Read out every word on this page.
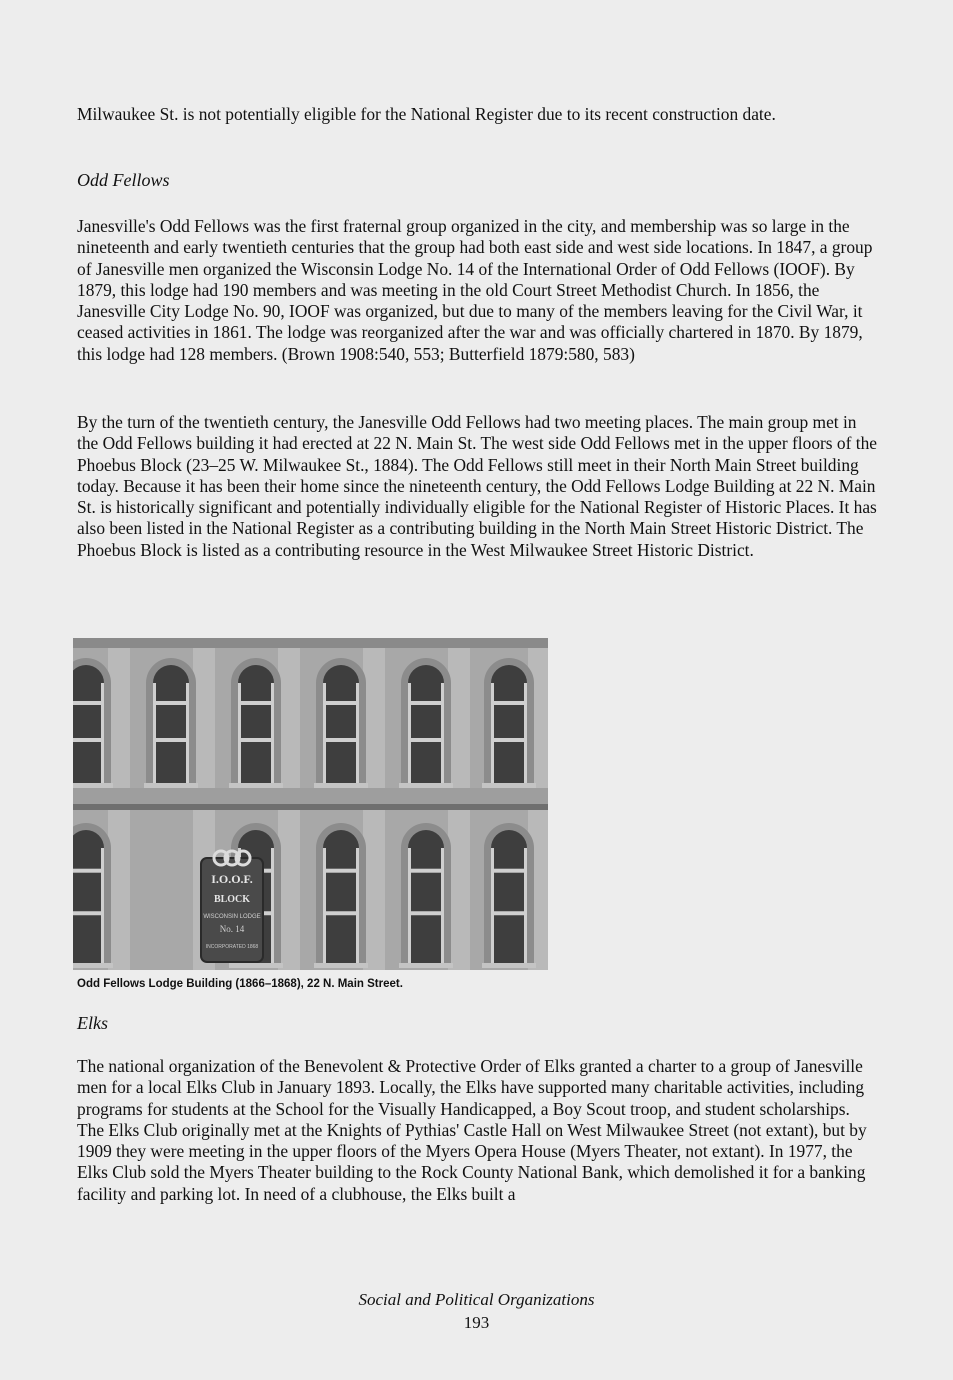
Milwaukee St. is not potentially eligible for the National Register due to its recent construction date.

Odd Fellows

Janesville's Odd Fellows was the first fraternal group organized in the city, and membership was so large in the nineteenth and early twentieth centuries that the group had both east side and west side locations. In 1847, a group of Janesville men organized the Wisconsin Lodge No. 14 of the International Order of Odd Fellows (IOOF). By 1879, this lodge had 190 members and was meeting in the old Court Street Methodist Church. In 1856, the Janesville City Lodge No. 90, IOOF was organized, but due to many of the members leaving for the Civil War, it ceased activities in 1861. The lodge was reorganized after the war and was officially chartered in 1870. By 1879, this lodge had 128 members. (Brown 1908:540, 553; Butterfield 1879:580, 583)

By the turn of the twentieth century, the Janesville Odd Fellows had two meeting places. The main group met in the Odd Fellows building it had erected at 22 N. Main St. The west side Odd Fellows met in the upper floors of the Phoebus Block (23–25 W. Milwaukee St., 1884). The Odd Fellows still meet in their North Main Street building today. Because it has been their home since the nineteenth century, the Odd Fellows Lodge Building at 22 N. Main St. is historically significant and potentially individually eligible for the National Register of Historic Places. It has also been listed in the National Register as a contributing building in the North Main Street Historic District. The Phoebus Block is listed as a contributing resource in the West Milwaukee Street Historic District.

I.O.O.F.
BLOCK
WISCONSIN LODGE
No. 14
INCORPORATED 1868
Odd Fellows Lodge Building (1866–1868), 22 N. Main Street.

Elks

The national organization of the Benevolent & Protective Order of Elks granted a charter to a group of Janesville men for a local Elks Club in January 1893. Locally, the Elks have supported many charitable activities, including programs for students at the School for the Visually Handicapped, a Boy Scout troop, and student scholarships. The Elks Club originally met at the Knights of Pythias' Castle Hall on West Milwaukee Street (not extant), but by 1909 they were meeting in the upper floors of the Myers Opera House (Myers Theater, not extant). In 1977, the Elks Club sold the Myers Theater building to the Rock County National Bank, which demolished it for a banking facility and parking lot. In need of a clubhouse, the Elks built a

Social and Political Organizations
193
